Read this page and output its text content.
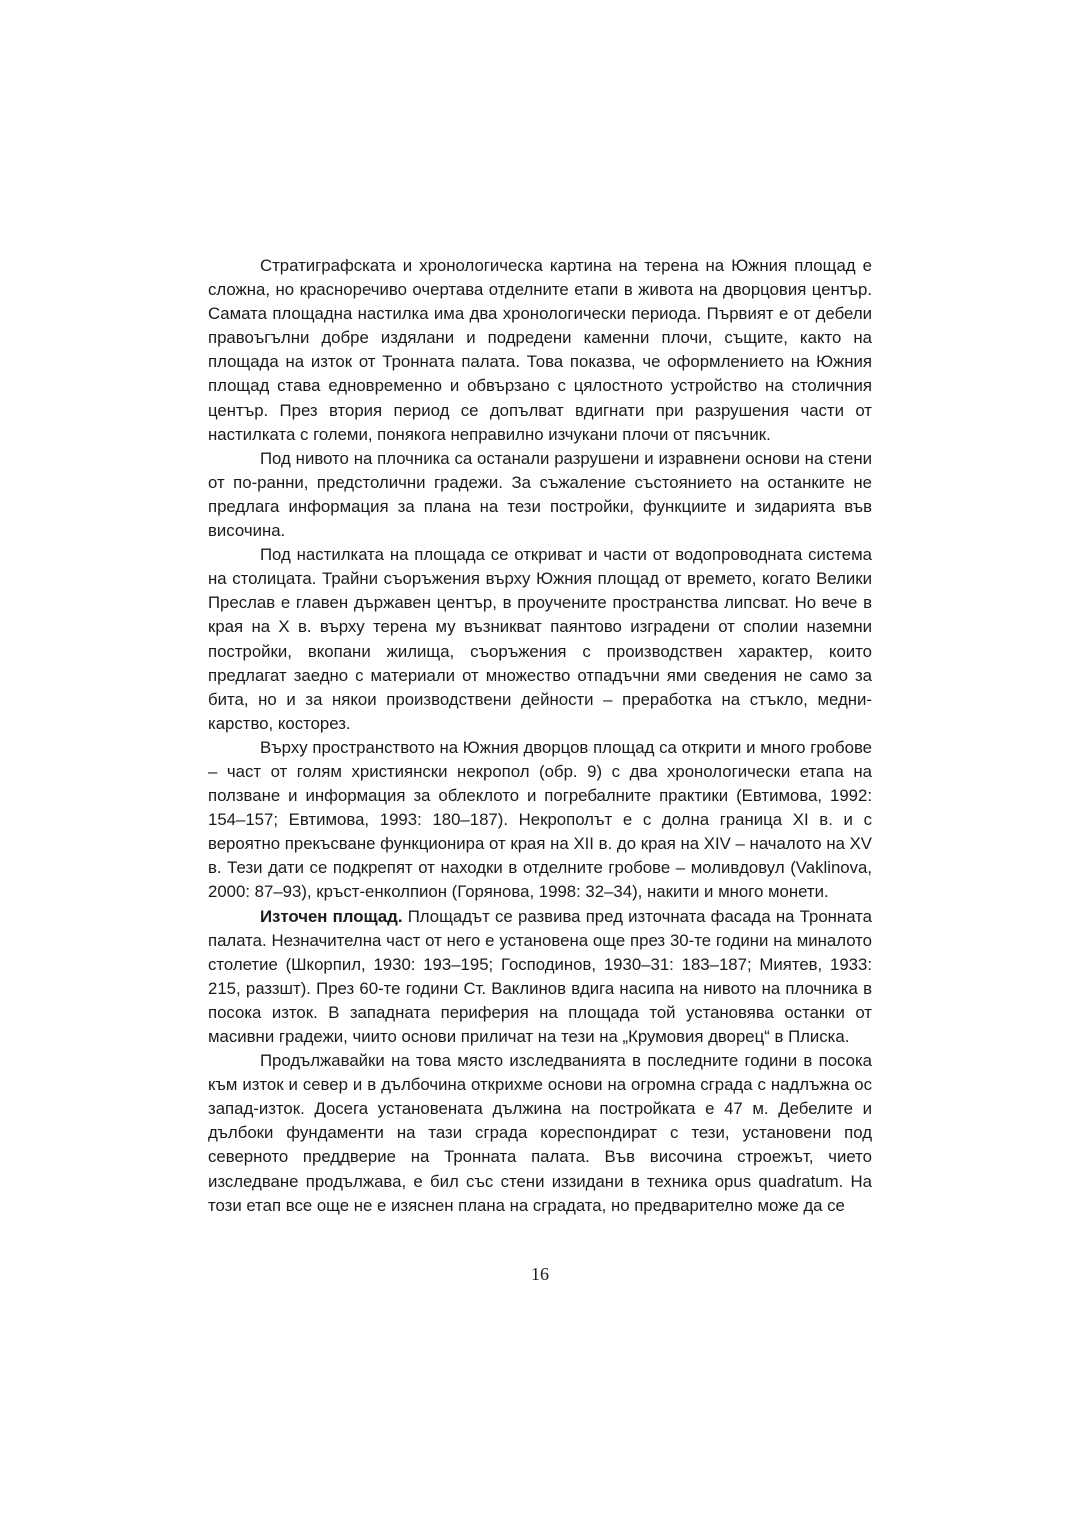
Стратиграфската и хронологическа картина на терена на Южния площад е сложна, но красноречиво очертава отделните етапи в живота на дворцовия център. Самата площадна настилка има два хронологически периода. Първият е от дебели правоъгълни добре издялани и подредени каменни плочи, същите, както на площада на изток от Тронната палата. Това показва, че оформлението на Южния площад става едновременно и обвързано с цялостното устройство на столичния център. През втория период се допълват вдигнати при разрушения части от настилката с големи, понякога неправилно изчукани плочи от пясъчник.

Под нивото на плочника са останали разрушени и изравнени основи на стени от по-ранни, предстолични градежи. За съжаление състоянието на останките не предлага информация за плана на тези постройки, функциите и зидарията във височина.

Под настилката на площада се откриват и части от водопроводната система на столицата. Трайни съоръжения върху Южния площад от времето, когато Велики Преслав е главен държавен център, в проучените пространства липсват. Но вече в края на X в. върху терена му възникват паянтово изградени от сполии наземни постройки, вкопани жилища, съоръжения с производствен характер, които предлагат заедно с материали от множество отпадъчни ями сведения не само за бита, но и за някои производствени дейности – преработка на стъкло, медникарство, косторез.

Върху пространството на Южния дворцов площад са открити и много гробове – част от голям християнски некропол (обр. 9) с два хронологически етапа на ползване и информация за облеклото и погребалните практики (Евтимова, 1992: 154–157; Евтимова, 1993: 180–187). Некрополът е с долна граница XI в. и с вероятно прекъсване функционира от края на XII в. до края на XIV – началото на XV в. Тези дати се подкрепят от находки в отделните гробове – моливдовул (Vaklinova, 2000: 87–93), кръст-енколпион (Горянова, 1998: 32–34), накити и много монети.

Източен площад. Площадът се развива пред източната фасада на Тронната палата. Незначителна част от него е установена още през 30-те години на миналото столетие (Шкорпил, 1930: 193–195; Господинов, 1930–31: 183–187; Миятев, 1933: 215, раззшт). През 60-те години Ст. Ваклинов вдига насипа на нивото на плочника в посока изток. В западната периферия на площада той установява останки от масивни градежи, чиито основи приличат на тези на „Крумовия дворец“ в Плиска.

Продължавайки на това място изследванията в последните години в посока към изток и север и в дълбочина открихме основи на огромна сграда с надлъжна ос запад-изток. Досега установената дължина на постройката е 47 м. Дебелите и дълбоки фундаменти на тази сграда кореспондират с тези, установени под северното преддверие на Тронната палата. Във височина строежът, чието изследване продължава, е бил със стени иззидани в техника opus quadratum. На този етап все още не е изяснен плана на сградата, но предварително може да се

16
